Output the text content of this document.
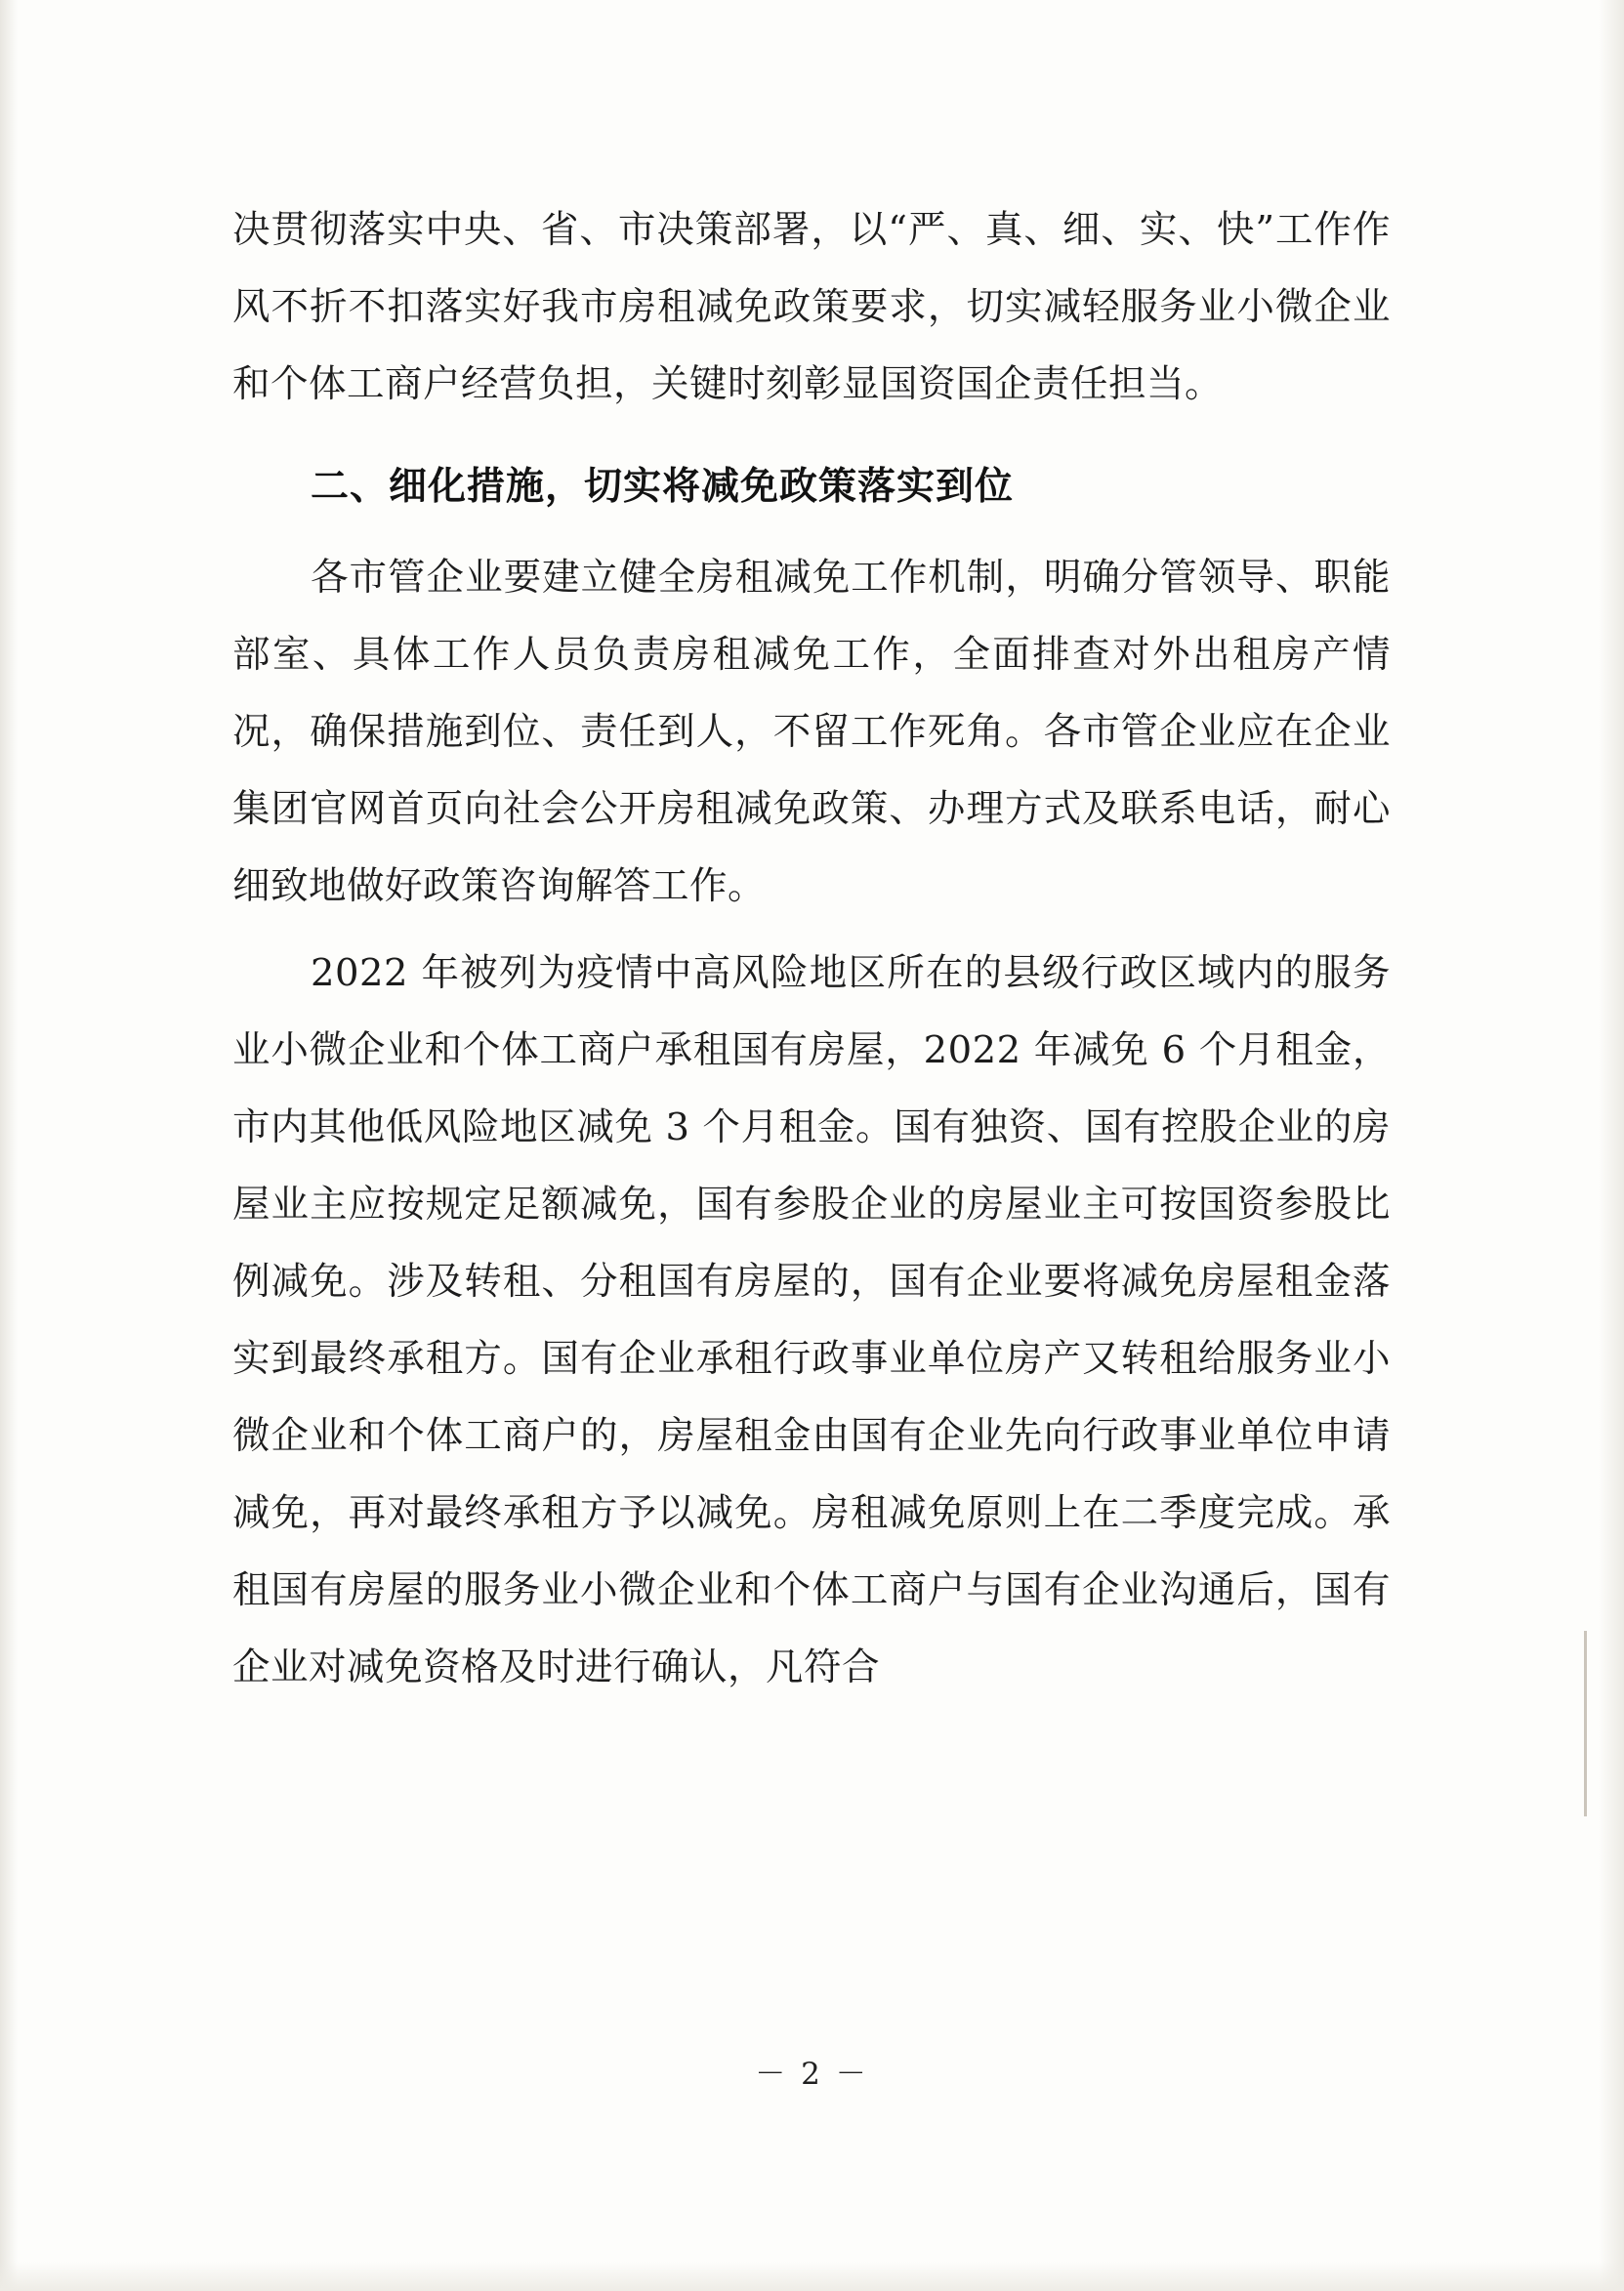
决贯彻落实中央、省、市决策部署，以“严、真、细、实、快”工作作风不折不扣落实好我市房租减免政策要求，切实减轻服务业小微企业和个体工商户经营负担，关键时刻彰显国资国企责任担当。

二、细化措施，切实将减免政策落实到位

各市管企业要建立健全房租减免工作机制，明确分管领导、职能部室、具体工作人员负责房租减免工作，全面排查对外出租房产情况，确保措施到位、责任到人，不留工作死角。各市管企业应在企业集团官网首页向社会公开房租减免政策、办理方式及联系电话，耐心细致地做好政策咨询解答工作。

2022 年被列为疫情中高风险地区所在的县级行政区域内的服务业小微企业和个体工商户承租国有房屋，2022 年减免 6 个月租金，市内其他低风险地区减免 3 个月租金。国有独资、国有控股企业的房屋业主应按规定足额减免，国有参股企业的房屋业主可按国资参股比例减免。涉及转租、分租国有房屋的，国有企业要将减免房屋租金落实到最终承租方。国有企业承租行政事业单位房产又转租给服务业小微企业和个体工商户的，房屋租金由国有企业先向行政事业单位申请减免，再对最终承租方予以减免。房租减免原则上在二季度完成。承租国有房屋的服务业小微企业和个体工商户与国有企业沟通后，国有企业对减免资格及时进行确认，凡符合

－ 2 －
